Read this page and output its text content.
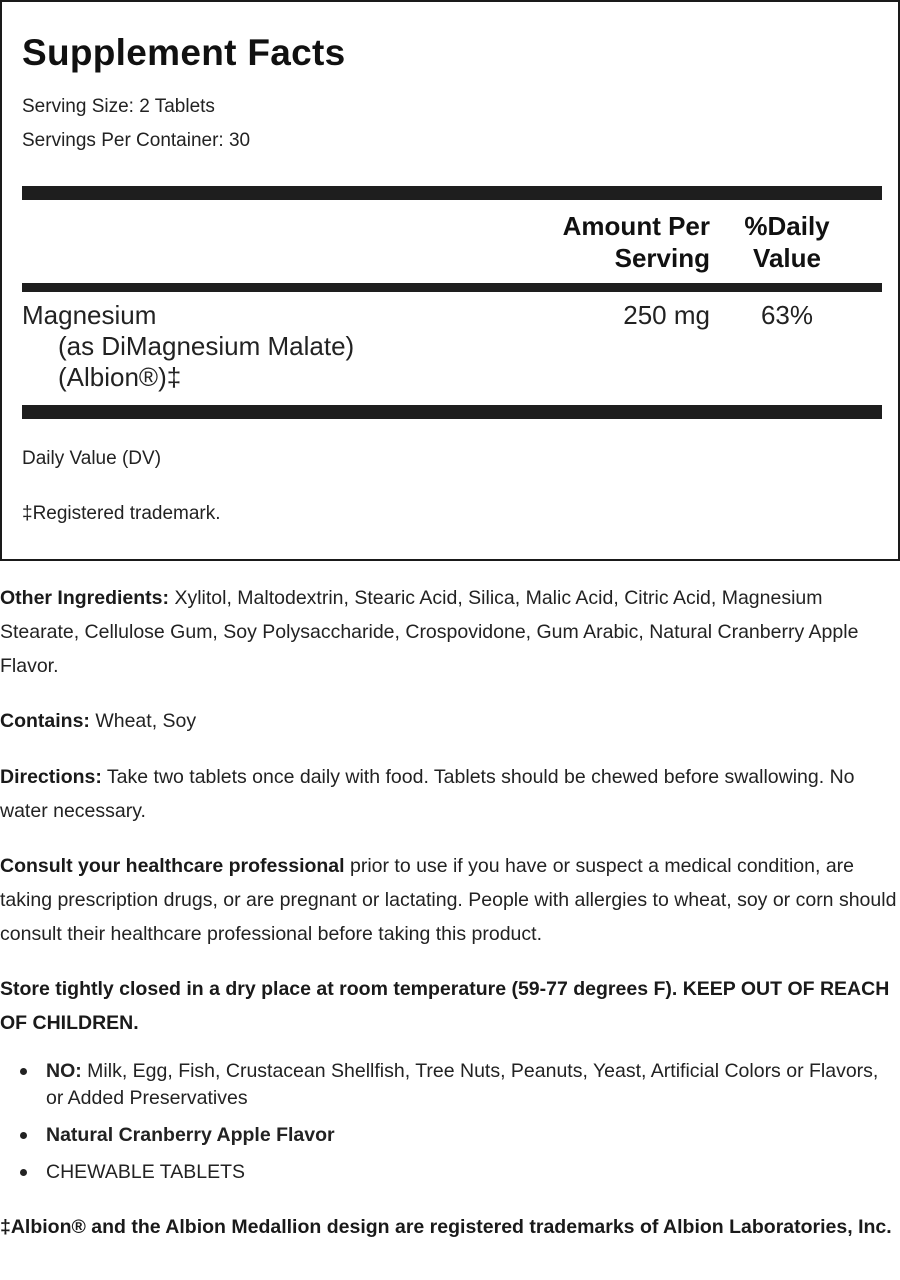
Supplement Facts
Serving Size: 2 Tablets
Servings Per Container: 30
Amount Per
Serving
%Daily
Value
Magnesium
(as DiMagnesium Malate)
(Albion®)‡
250 mg	63%
Daily Value (DV)
‡Registered trademark.
Other Ingredients: Xylitol, Maltodextrin, Stearic Acid, Silica, Malic Acid, Citric Acid, Magnesium Stearate, Cellulose Gum, Soy Polysaccharide, Crospovidone, Gum Arabic, Natural Cranberry Apple Flavor.
Contains: Wheat, Soy
Directions: Take two tablets once daily with food. Tablets should be chewed before swallowing. No water necessary.
Consult your healthcare professional prior to use if you have or suspect a medical condition, are taking prescription drugs, or are pregnant or lactating. People with allergies to wheat, soy or corn should consult their healthcare professional before taking this product.
Store tightly closed in a dry place at room temperature (59-77 degrees F). KEEP OUT OF REACH OF CHILDREN.
NO: Milk, Egg, Fish, Crustacean Shellfish, Tree Nuts, Peanuts, Yeast, Artificial Colors or Flavors, or Added Preservatives
Natural Cranberry Apple Flavor
CHEWABLE TABLETS
‡Albion® and the Albion Medallion design are registered trademarks of Albion Laboratories, Inc.
